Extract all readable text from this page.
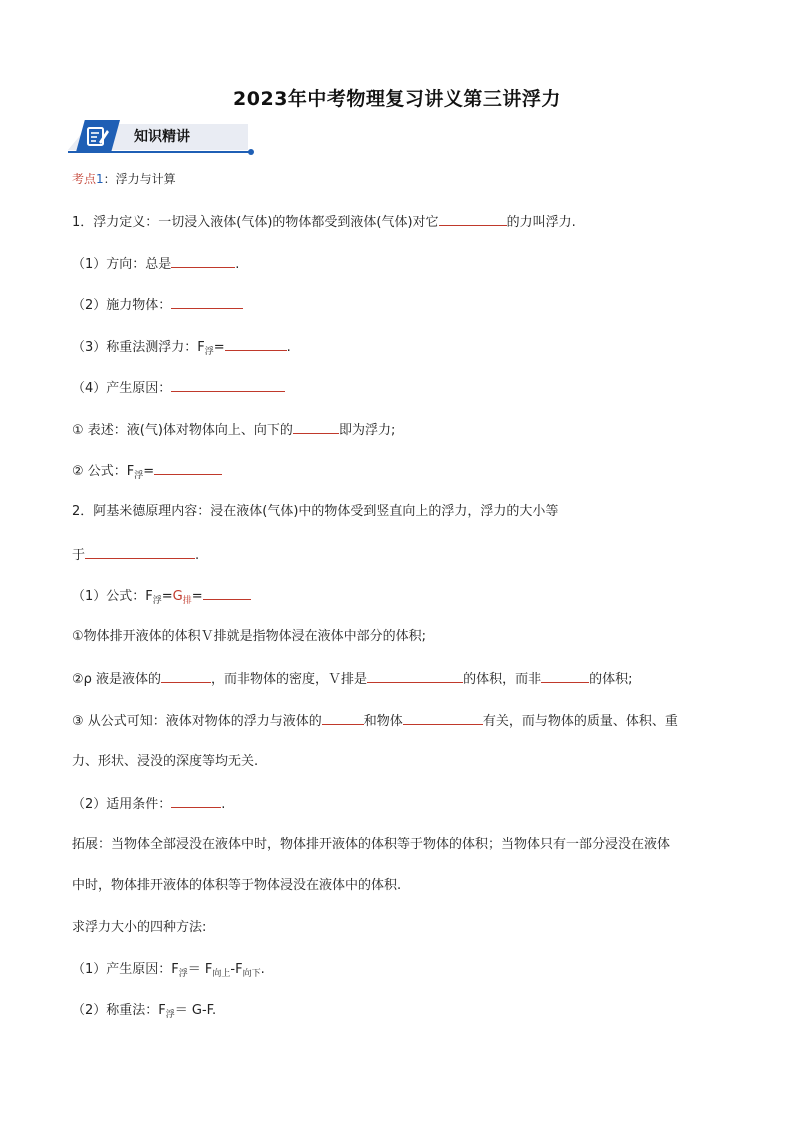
2023年中考物理复习讲义第三讲浮力
知识精讲
考点1：浮力与计算
1．浮力定义：一切浸入液体(气体)的物体都受到液体(气体)对它	的力叫浮力.
（1）方向：总是	.
（2）施力物体：
（3）称重法测浮力：$F_浮=$	.
（4）产生原因：
① 表述：液(气)体对物体向上、向下的	即为浮力;
② 公式：$F_浮=$
2．阿基米德原理内容：浸在液体(气体)中的物体受到竖直向上的浮力，浮力的大小等
于	.
（1）公式：$F_浮=G_排=$
①物体排开液体的体积Ｖ排就是指物体浸在液体中部分的体积;
②ρ 液是液体的	，而非物体的密度，Ｖ排是	的体积，而非	的体积;
③ 从公式可知：液体对物体的浮力与液体的	和物体	有关，而与物体的质量、体积、重
力、形状、浸没的深度等均无关.
（2）适用条件：	.
拓展：当物体全部浸没在液体中时，物体排开液体的体积等于物体的体积；当物体只有一部分浸没在液体
中时，物体排开液体的体积等于物体浸没在液体中的体积.
求浮力大小的四种方法:
（1）产生原因：$F_浮= F_{向上}-F_{向下}$.
（2）称重法：$F_浮= G-F$.
